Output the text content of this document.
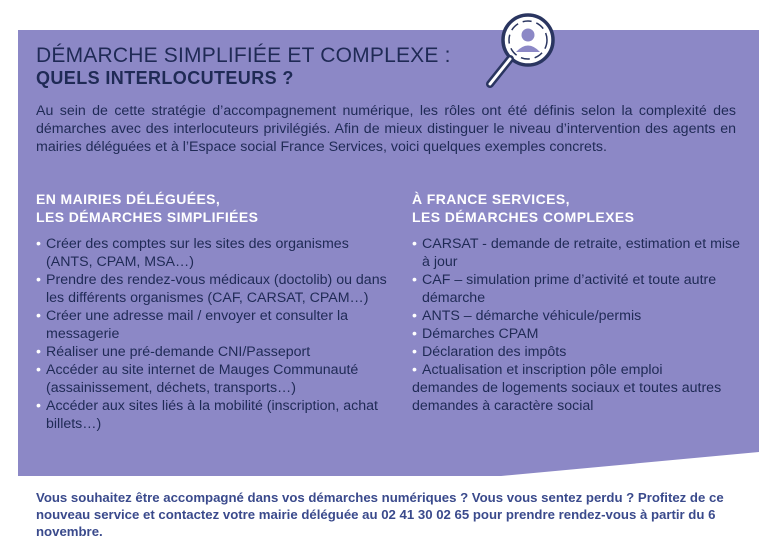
DÉMARCHE SIMPLIFIÉE ET COMPLEXE :
QUELS INTERLOCUTEURS ?
Au sein de cette stratégie d’accompagnement numérique, les rôles ont été définis selon la complexité des démarches avec des interlocuteurs privilégiés. Afin de mieux distinguer le niveau d’intervention des agents en mairies déléguées et à l’Espace social France Services, voici quelques exemples concrets.
EN MAIRIES DÉLÉGUÉES,
LES DÉMARCHES SIMPLIFIÉES
• Créer des comptes sur les sites des organismes (ANTS, CPAM, MSA…)
• Prendre des rendez-vous médicaux (doctolib) ou dans les différents organismes (CAF, CARSAT, CPAM…)
• Créer une adresse mail / envoyer et consulter la messagerie
• Réaliser une pré-demande CNI/Passeport
• Accéder au site internet de Mauges Communauté (assainissement, déchets, transports…)
• Accéder aux sites liés à la mobilité (inscription, achat billets…)
À FRANCE SERVICES,
LES DÉMARCHES COMPLEXES
• CARSAT - demande de retraite, estimation et mise à jour
• CAF – simulation prime d’activité et toute autre démarche
• ANTS – démarche véhicule/permis
• Démarches CPAM
• Déclaration des impôts
• Actualisation et inscription pôle emploi
demandes de logements sociaux et toutes autres demandes à caractère social
Vous souhaitez être accompagné dans vos démarches numériques ? Vous vous sentez perdu ? Profitez de ce nouveau service et contactez votre mairie déléguée au 02 41 30 02 65 pour prendre rendez-vous à partir du 6 novembre.
